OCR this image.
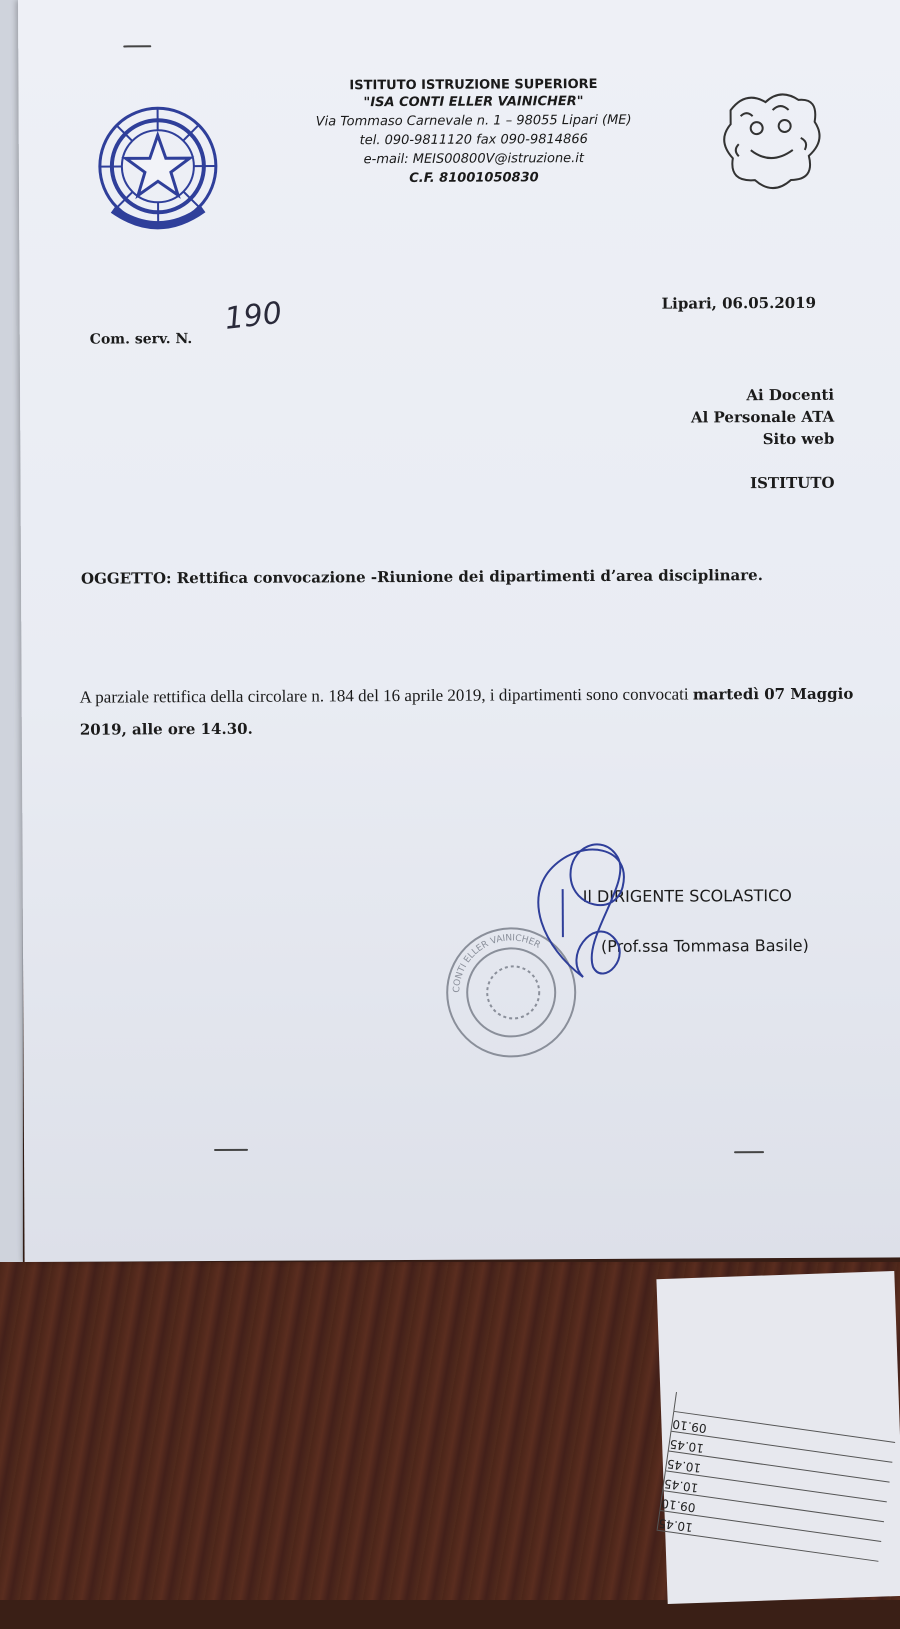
09.10
10.45
10.45
10.45
09.10
10.45
ISTITUTO ISTRUZIONE SUPERIORE
"ISA CONTI ELLER VAINICHER"
Via Tommaso Carnevale n. 1 – 98055 Lipari (ME)
tel. 090-9811120 fax 090-9814866
e-mail: MEIS00800V@istruzione.it
C.F. 81001050830
Lipari, 06.05.2019
Com. serv. N.
190
Ai Docenti
Al Personale ATA
Sito web
ISTITUTO
OGGETTO: Rettifica convocazione -Riunione dei dipartimenti d’area disciplinare.
A parziale rettifica della circolare n. 184 del 16 aprile 2019, i dipartimenti sono convocati martedì 07 Maggio 2019, alle ore 14.30.
CONTI ELLER VAINICHER
Il DIRIGENTE SCOLASTICO
(Prof.ssa Tommasa Basile)
